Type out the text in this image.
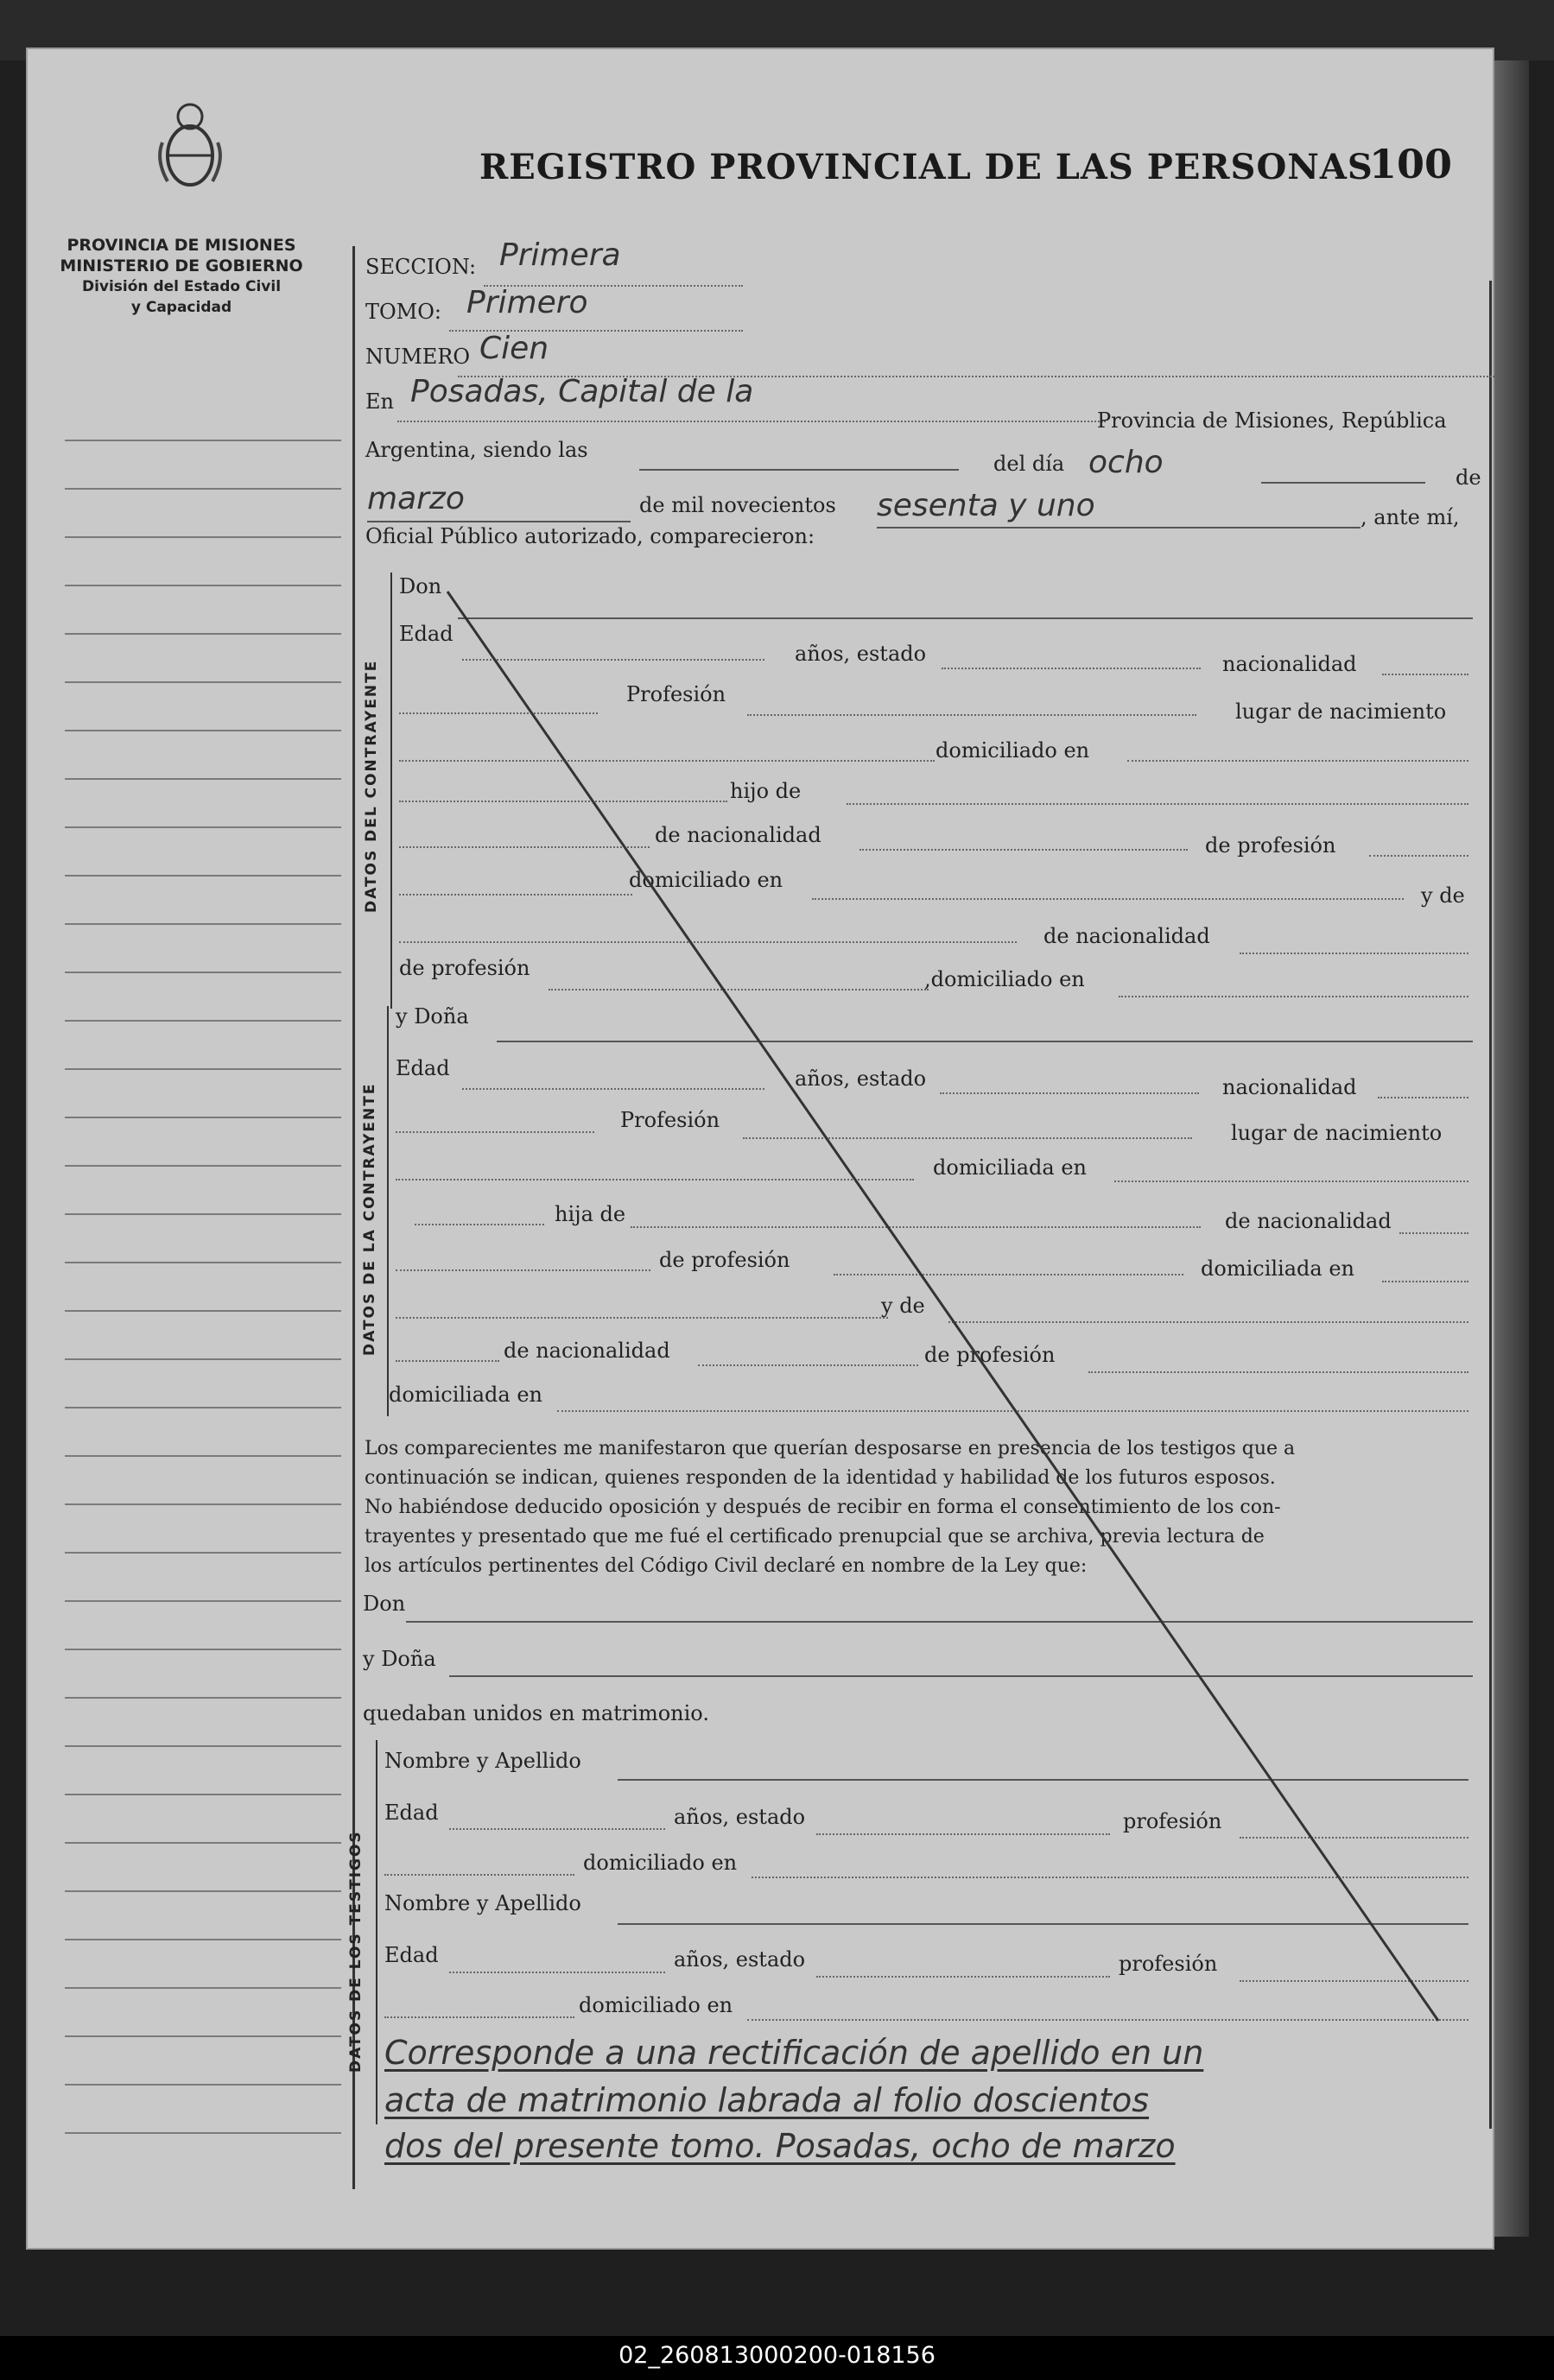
REGISTRO PROVINCIAL DE LAS PERSONAS
100
SECCION: Primera
TOMO: Primero
NUMERO Cien
En Posadas, Capital de la
Provincia de Misiones, República
Argentina, siendo las
del día ocho	de
marzo	de mil novecientos sesenta y uno	, ante mí,
Oficial Público autorizado, comparecieron:
DATOS DEL CONTRAYENTE
Don
Edad
años, estado	nacionalidad
Profesión
lugar de nacimiento
domiciliado en
hijo de
de nacionalidad	de profesión
domiciliado en
y de
de nacionalidad
de profesión	,domiciliado en
DATOS DE LA CONTRAYENTE
y Doña
Edad	años, estado	nacionalidad
Profesión
lugar de nacimiento
domiciliada en
hija de	de nacionalidad
de profesión	domiciliada en
y de
de nacionalidad	de profesión
domiciliada en
Los comparecientes me manifestaron que querían desposarse en presencia de los testigos que a
continuación se indican, quienes responden de la identidad y habilidad de los futuros esposos.
No habiéndose deducido oposición y después de recibir en forma el consentimiento de los con-
trayentes y presentado que me fué el certificado prenupcial que se archiva, previa lectura de
los artículos pertinentes del Código Civil declaré en nombre de la Ley que:
Don
y Doña
quedaban unidos en matrimonio.
DATOS DE LOS TESTIGOS
Nombre y Apellido
Edad	años, estado	profesión
domiciliado en
Nombre y Apellido
Edad	años, estado	profesión
domiciliado en
Corresponde a una rectificación de apellido en un
acta de matrimonio labrada al folio doscientos
dos del presente tomo. Posadas, ocho de marzo
PROVINCIA DE MISIONES
MINISTERIO DE GOBIERNO
División del Estado Civil
y Capacidad
02_260813000200-018156
